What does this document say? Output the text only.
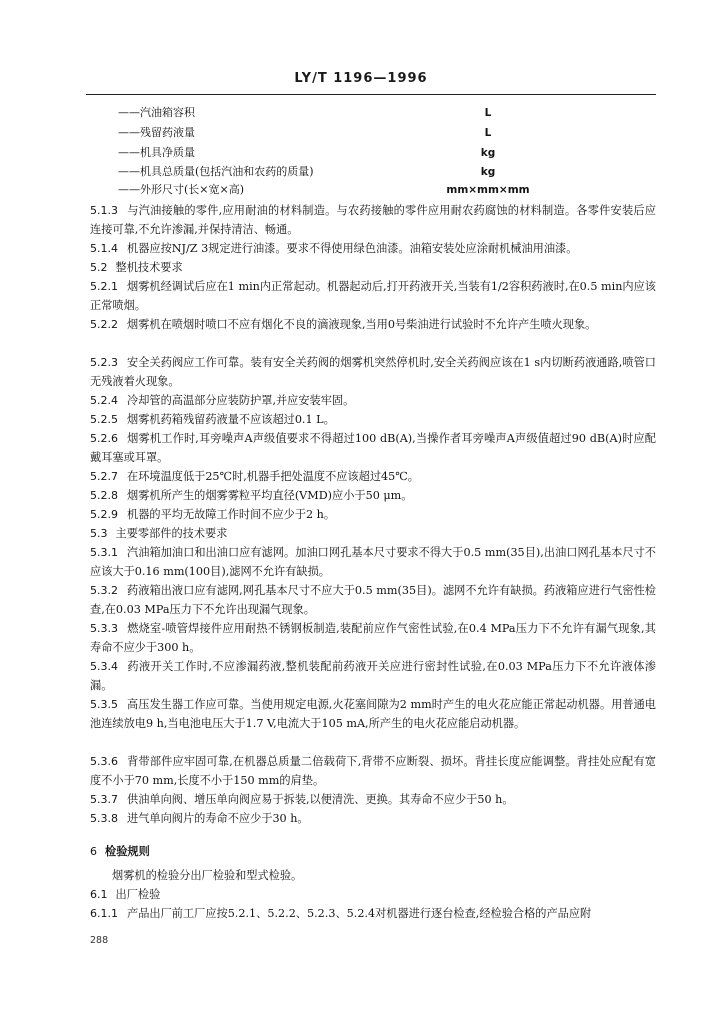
LY/T 1196—1996
——汽油箱容积	L
——残留药液量	L
——机具净质量	kg
——机具总质量(包括汽油和农药的质量)	kg
——外形尺寸(长×宽×高)	mm×mm×mm
5.1.3 与汽油接触的零件,应用耐油的材料制造。与农药接触的零件应用耐农药腐蚀的材料制造。各零件安装后应连接可靠,不允许渗漏,并保持清洁、畅通。
5.1.4 机器应按NJ/Z 3规定进行油漆。要求不得使用绿色油漆。油箱安装处应涂耐机械油用油漆。
5.2 整机技术要求
5.2.1 烟雾机经调试后应在1 min内正常起动。机器起动后,打开药液开关,当装有1/2容积药液时,在0.5 min内应该正常喷烟。
5.2.2 烟雾机在喷烟时喷口不应有烟化不良的滴液现象,当用0号柴油进行试验时不允许产生喷火现象。
5.2.3 安全关药阀应工作可靠。装有安全关药阀的烟雾机突然停机时,安全关药阀应该在1 s内切断药液通路,喷管口无残液着火现象。
5.2.4 冷却管的高温部分应装防护罩,并应安装牢固。
5.2.5 烟雾机药箱残留药液量不应该超过0.1 L。
5.2.6 烟雾机工作时,耳旁噪声A声级值要求不得超过100 dB(A),当操作者耳旁噪声A声级值超过90 dB(A)时应配戴耳塞或耳罩。
5.2.7 在环境温度低于25℃时,机器手把处温度不应该超过45℃。
5.2.8 烟雾机所产生的烟雾雾粒平均直径(VMD)应小于50 μm。
5.2.9 机器的平均无故障工作时间不应少于2 h。
5.3 主要零部件的技术要求
5.3.1 汽油箱加油口和出油口应有滤网。加油口网孔基本尺寸要求不得大于0.5 mm(35目),出油口网孔基本尺寸不应该大于0.16 mm(100目),滤网不允许有缺损。
5.3.2 药液箱出液口应有滤网,网孔基本尺寸不应大于0.5 mm(35目)。滤网不允许有缺损。药液箱应进行气密性检查,在0.03 MPa压力下不允许出现漏气现象。
5.3.3 燃烧室-喷管焊接件应用耐热不锈钢板制造,装配前应作气密性试验,在0.4 MPa压力下不允许有漏气现象,其寿命不应少于300 h。
5.3.4 药液开关工作时,不应渗漏药液,整机装配前药液开关应进行密封性试验,在0.03 MPa压力下不允许液体渗漏。
5.3.5 高压发生器工作应可靠。当使用规定电源,火花塞间隙为2 mm时产生的电火花应能正常起动机器。用普通电池连续放电9 h,当电池电压大于1.7 V,电流大于105 mA,所产生的电火花应能启动机器。
5.3.6 背带部件应牢固可靠,在机器总质量二倍载荷下,背带不应断裂、损坏。背挂长度应能调整。背挂处应配有宽度不小于70 mm,长度不小于150 mm的肩垫。
5.3.7 供油单向阀、增压单向阀应易于拆装,以便清洗、更换。其寿命不应少于50 h。
5.3.8 进气单向阀片的寿命不应少于30 h。
6 检验规则
烟雾机的检验分出厂检验和型式检验。
6.1 出厂检验
6.1.1 产品出厂前工厂应按5.2.1、5.2.2、5.2.3、5.2.4对机器进行逐台检查,经检验合格的产品应附
288
